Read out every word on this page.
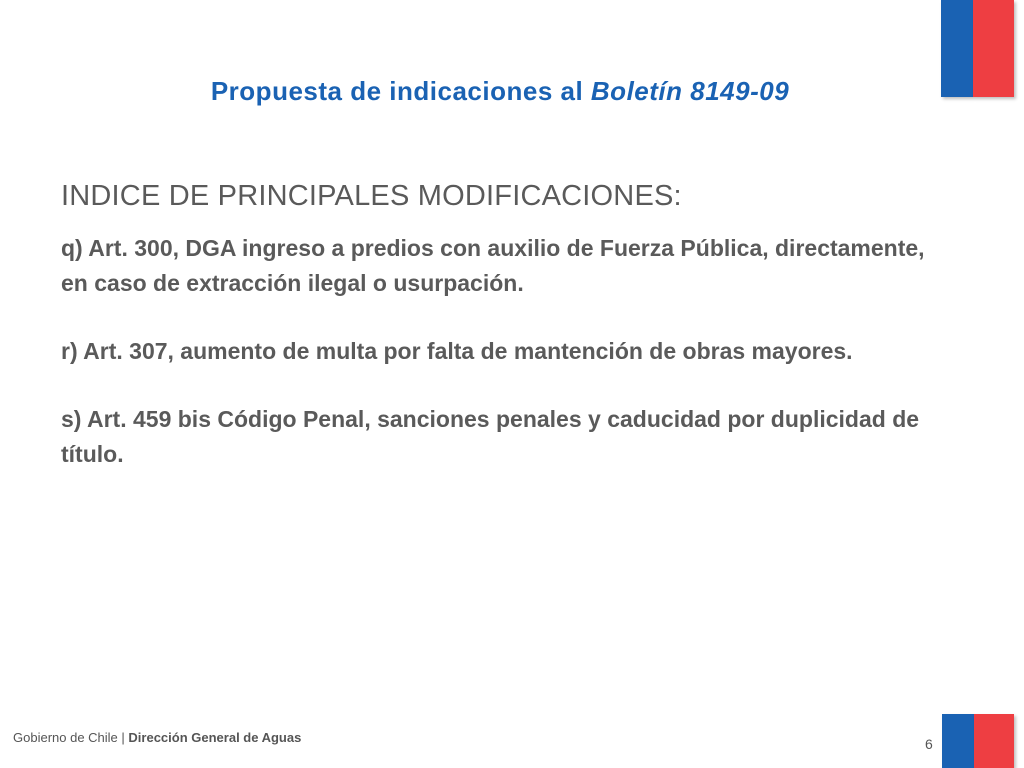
Propuesta de indicaciones al Boletín 8149-09
INDICE DE PRINCIPALES MODIFICACIONES:
q) Art. 300, DGA ingreso a predios con auxilio de Fuerza Pública, directamente, en caso de extracción ilegal o usurpación.
r) Art. 307, aumento de multa por falta de mantención de obras mayores.
s) Art. 459 bis Código Penal, sanciones penales y caducidad por duplicidad de título.
Gobierno de Chile | Dirección General de Aguas	6
